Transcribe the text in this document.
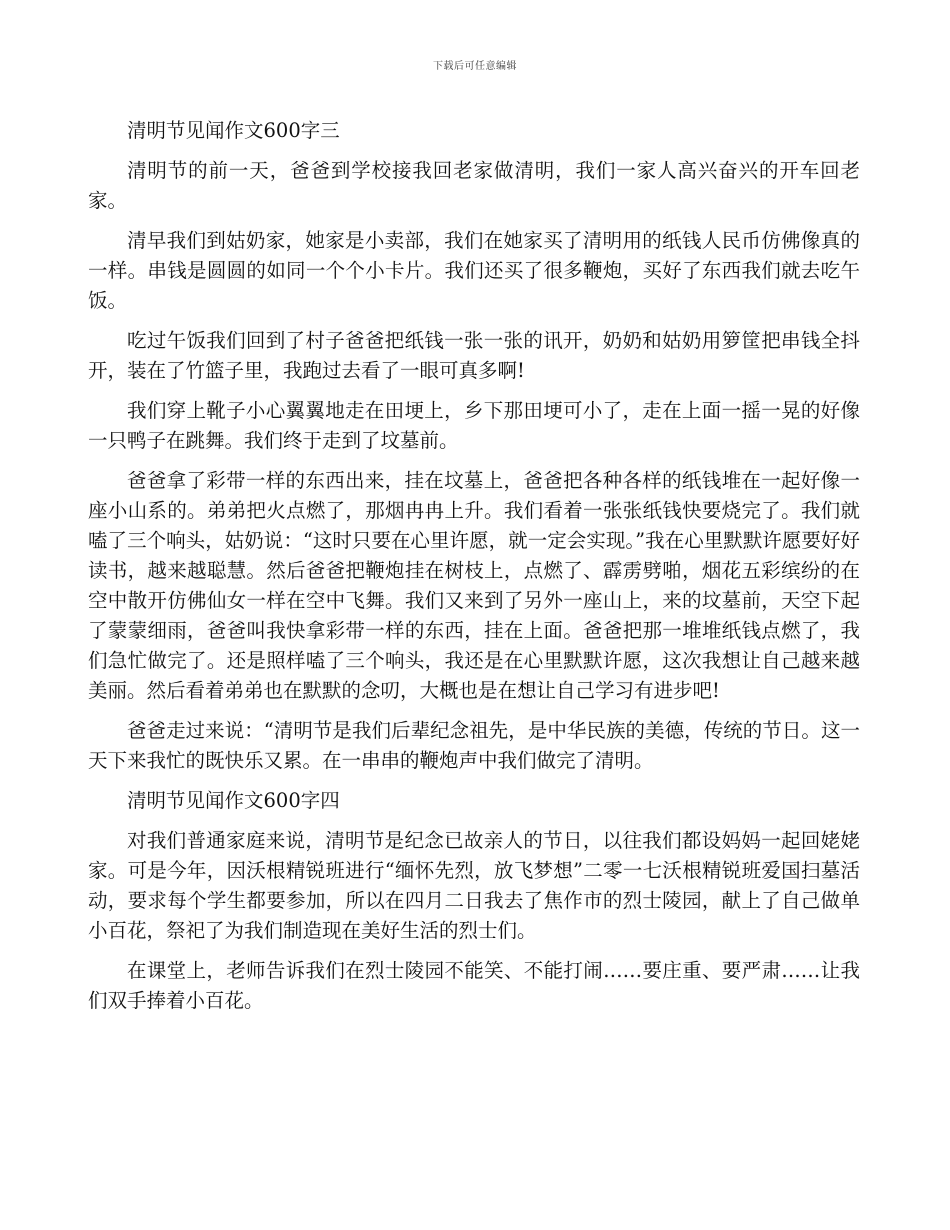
下载后可任意编辑

清明节见闻作文600字三

清明节的前一天，爸爸到学校接我回老家做清明，我们一家人高兴奋兴的开车回老家。

清早我们到姑奶家，她家是小卖部，我们在她家买了清明用的纸钱人民币仿佛像真的一样。串钱是圆圆的如同一个个小卡片。我们还买了很多鞭炮，买好了东西我们就去吃午饭。

吃过午饭我们回到了村子爸爸把纸钱一张一张的讯开，奶奶和姑奶用箩筐把串钱全抖开，装在了竹篮子里，我跑过去看了一眼可真多啊!

我们穿上靴子小心翼翼地走在田埂上，乡下那田埂可小了，走在上面一摇一晃的好像一只鸭子在跳舞。我们终于走到了坟墓前。

爸爸拿了彩带一样的东西出来，挂在坟墓上，爸爸把各种各样的纸钱堆在一起好像一座小山系的。弟弟把火点燃了，那烟冉冉上升。我们看着一张张纸钱快要烧完了。我们就嗑了三个响头，姑奶说：“这时只要在心里许愿，就一定会实现。”我在心里默默许愿要好好读书，越来越聪慧。然后爸爸把鞭炮挂在树枝上，点燃了、霹雳劈啪，烟花五彩缤纷的在空中散开仿佛仙女一样在空中飞舞。我们又来到了另外一座山上，来的坟墓前，天空下起了蒙蒙细雨，爸爸叫我快拿彩带一样的东西，挂在上面。爸爸把那一堆堆纸钱点燃了，我们急忙做完了。还是照样嗑了三个响头，我还是在心里默默许愿，这次我想让自己越来越美丽。然后看着弟弟也在默默的念叨，大概也是在想让自己学习有进步吧!

爸爸走过来说：“清明节是我们后辈纪念祖先，是中华民族的美德，传统的节日。这一天下来我忙的既快乐又累。在一串串的鞭炮声中我们做完了清明。

清明节见闻作文600字四

对我们普通家庭来说，清明节是纪念已故亲人的节日，以往我们都设妈妈一起回姥姥家。可是今年，因沃根精锐班进行“缅怀先烈，放飞梦想”二零一七沃根精锐班爱国扫墓活动，要求每个学生都要参加，所以在四月二日我去了焦作市的烈士陵园，献上了自己做单小百花，祭祀了为我们制造现在美好生活的烈士们。

在课堂上，老师告诉我们在烈士陵园不能笑、不能打闹……要庄重、要严肃……让我们双手捧着小百花。
